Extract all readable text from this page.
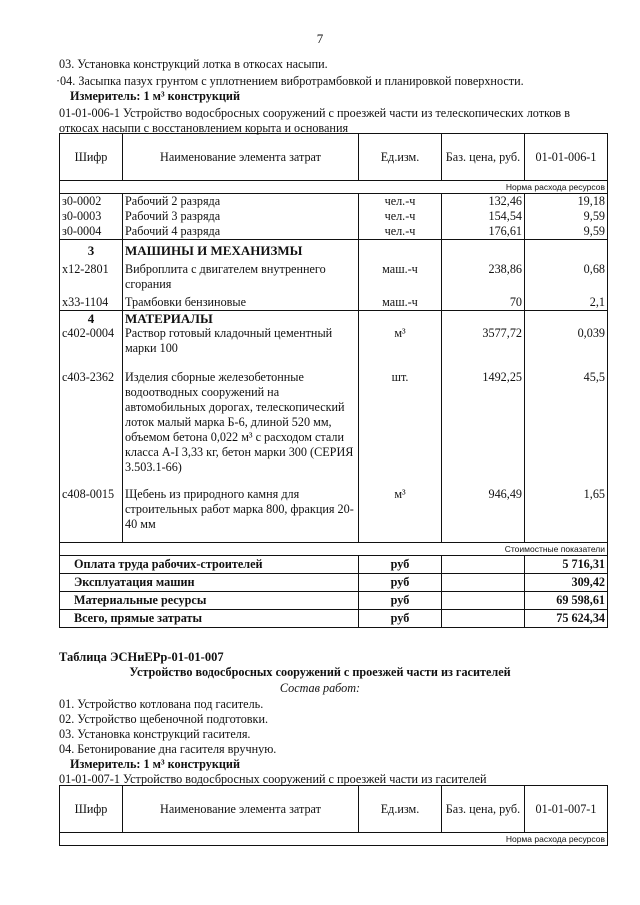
7
03. Установка конструкций лотка в откосах насыпи.
·04. Засыпка пазух грунтом с уплотнением вибротрамбовкой и планировкой поверхности.
Измеритель: 1 м³ конструкций
01-01-006-1 Устройство водосбросных сооружений с проезжей части из телескопических лотков в
откосах насыпи с восстановлением корыта и основания
Шифр	Наименование элемента затрат	Ед.изм.	Баз. цена, руб.	01-01-006-1
Норма расхода ресурсов				
з0-0002	Рабочий 2 разряда	чел.-ч	132,46	19,18
з0-0003	Рабочий 3 разряда	чел.-ч	154,54	9,59
з0-0004	Рабочий 4 разряда	чел.-ч	176,61	9,59
3	МАШИНЫ И МЕХАНИЗМЫ			
х12-2801	Виброплита с двигателем внутреннего сгорания	маш.-ч	238,86	0,68
х33-1104	Трамбовки бензиновые	маш.-ч	70	2,1
4	МАТЕРИАЛЫ			
с402-0004	Раствор готовый кладочный цементный марки 100	м³	3577,72	0,039
с403-2362	Изделия сборные железобетонные водоотводных сооружений на автомобильных дорогах, телескопический лоток малый марка Б-6, длиной 520 мм, объемом бетона 0,022 м³ с расходом стали класса А-I 3,33 кг, бетон марки 300 (СЕРИЯ 3.503.1-66)	шт.	1492,25	45,5
с408-0015	Щебень из природного камня для строительных работ марка 800, фракция 20-40 мм	м³	946,49	1,65

Стоимостные показатели				
Оплата труда рабочих-строителей		руб		5 716,31
Эксплуатация машин		руб		309,42
Материальные ресурсы		руб		69 598,61
Всего, прямые затраты		руб		75 624,34
Таблица ЭСНиЕРр-01-01-007
Устройство водосбросных сооружений с проезжей части из гасителей
Состав работ:
01. Устройство котлована под гаситель.
02. Устройство щебеночной подготовки.
03. Установка конструкций гасителя.
04. Бетонирование дна гасителя вручную.
Измеритель: 1 м³ конструкций
01-01-007-1 Устройство водосбросных сооружений с проезжей части из гасителей
Шифр	Наименование элемента затрат	Ед.изм.	Баз. цена, руб.	01-01-007-1
Норма расхода ресурсов
